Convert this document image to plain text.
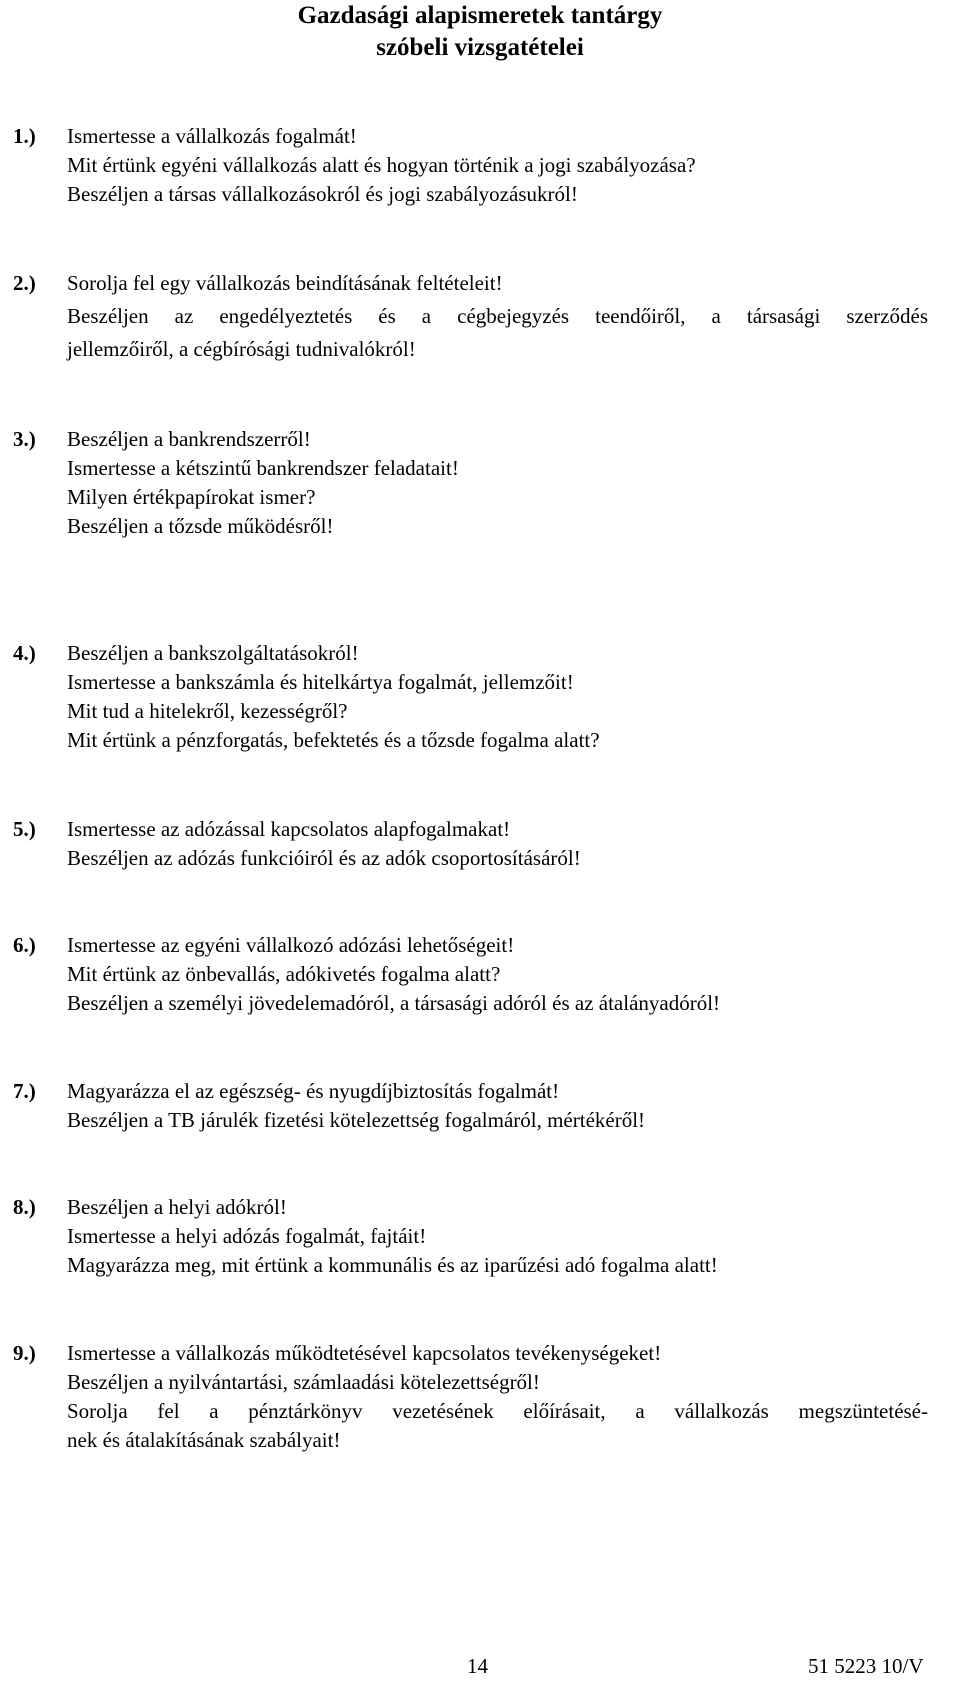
Gazdasági alapismeretek tantárgy
szóbeli vizsgatételei
1.) Ismertesse a vállalkozás fogalmát!
Mit értünk egyéni vállalkozás alatt és hogyan történik a jogi szabályozása?
Beszéljen a társas vállalkozásokról és jogi szabályozásukról!
2.) Sorolja fel egy vállalkozás beindításának feltételeit!
Beszéljen az engedélyeztetés és a cégbejegyzés teendőiről, a társasági szerződés
jellemzőiről, a cégbírósági tudnivalókról!
3.) Beszéljen a bankrendszerről!
Ismertesse a kétszintű bankrendszer feladatait!
Milyen értékpapírokat ismer?
Beszéljen a tőzsde működésről!
4.) Beszéljen a bankszolgáltatásokról!
Ismertesse a bankszámla és hitelkártya fogalmát, jellemzőit!
Mit tud a hitelekről, kezességről?
Mit értünk a pénzforgatás, befektetés és a tőzsde fogalma alatt?
5.) Ismertesse az adózással kapcsolatos alapfogalmakat!
Beszéljen az adózás funkcióiról és az adók csoportosításáról!
6.) Ismertesse az egyéni vállalkozó adózási lehetőségeit!
Mit értünk az önbevallás, adókivetés fogalma alatt?
Beszéljen a személyi jövedelemadóról, a társasági adóról és az átalányadóról!
7.) Magyarázza el az egészség- és nyugdíjbiztosítás fogalmát!
Beszéljen a TB járulék fizetési kötelezettség fogalmáról, mértékéről!
8.) Beszéljen a helyi adókról!
Ismertesse a helyi adózás fogalmát, fajtáit!
Magyarázza meg, mit értünk a kommunális és az iparűzési adó fogalma alatt!
9.) Ismertesse a vállalkozás működtetésével kapcsolatos tevékenységeket!
Beszéljen a nyilvántartási, számlaadási kötelezettségről!
Sorolja fel a pénztárkönyv vezetésének előírásait, a vállalkozás megszüntetésé-
nek és átalakításának szabályait!
14	51 5223 10/V
